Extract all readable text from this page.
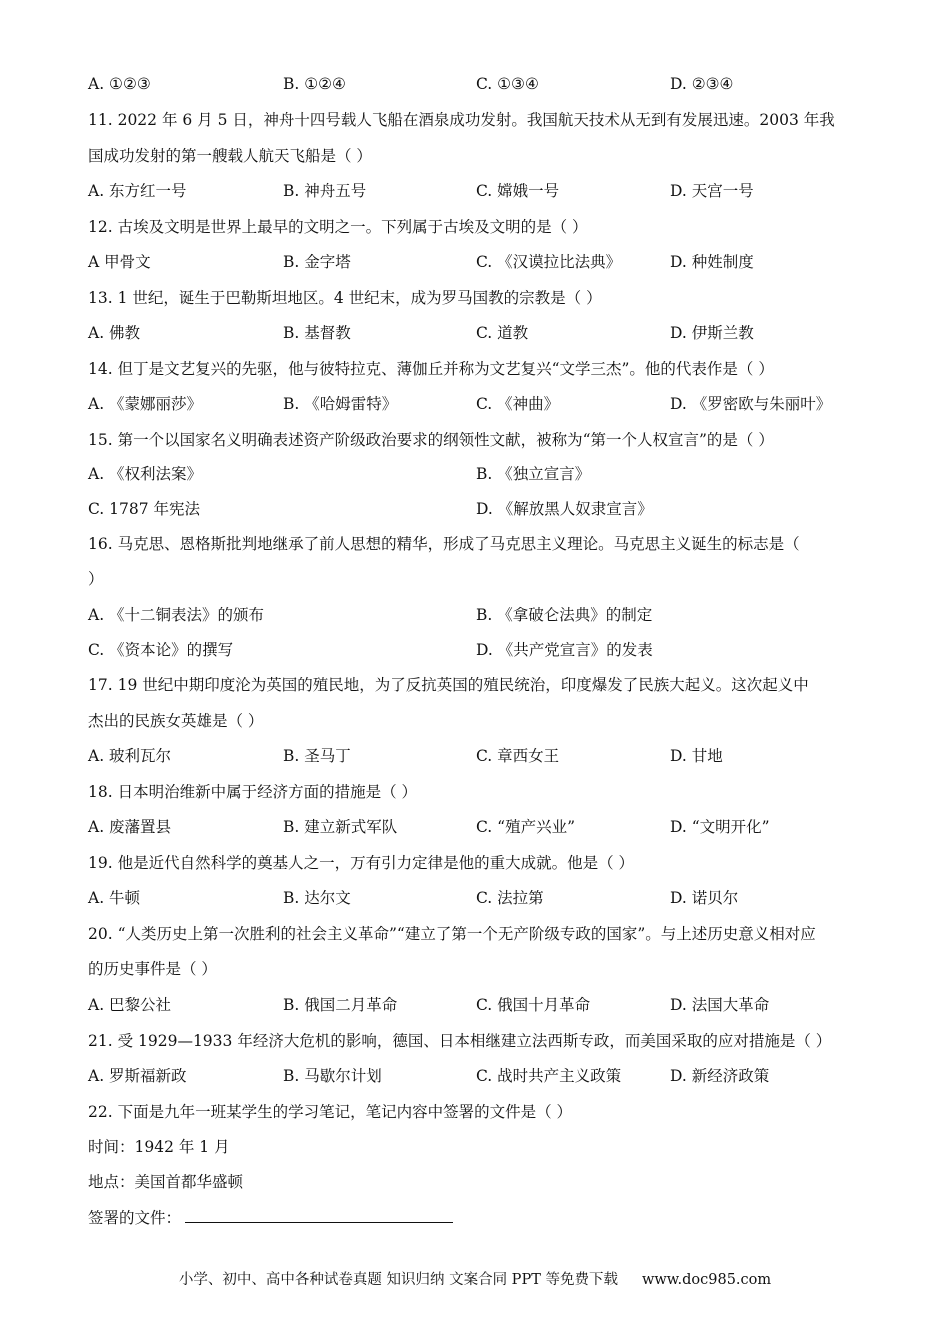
A. ①②③	B. ①②④	C. ①③④	D. ②③④
11. 2022 年 6 月 5 日，神舟十四号载人飞船在酒泉成功发射。我国航天技术从无到有发展迅速。2003 年我
国成功发射的第一艘载人航天飞船是（ ）
A. 东方红一号	B. 神舟五号	C. 嫦娥一号	D. 天宫一号
12. 古埃及文明是世界上最早的文明之一。下列属于古埃及文明的是（ ）
A 甲骨文	B. 金字塔	C. 《汉谟拉比法典》	D. 种姓制度
13. 1 世纪，诞生于巴勒斯坦地区。4 世纪末，成为罗马国教的宗教是（ ）
A. 佛教	B. 基督教	C. 道教	D. 伊斯兰教
14. 但丁是文艺复兴的先驱，他与彼特拉克、薄伽丘并称为文艺复兴“文学三杰”。他的代表作是（ ）
A. 《蒙娜丽莎》	B. 《哈姆雷特》	C. 《神曲》	D. 《罗密欧与朱丽叶》
15. 第一个以国家名义明确表述资产阶级政治要求的纲领性文献，被称为“第一个人权宣言”的是（ ）
A. 《权利法案》	B. 《独立宣言》
C. 1787 年宪法	D. 《解放黑人奴隶宣言》
16. 马克思、恩格斯批判地继承了前人思想的精华，形成了马克思主义理论。马克思主义诞生的标志是（
）
A. 《十二铜表法》的颁布	B. 《拿破仑法典》的制定
C. 《资本论》的撰写	D. 《共产党宣言》的发表
17. 19 世纪中期印度沦为英国的殖民地，为了反抗英国的殖民统治，印度爆发了民族大起义。这次起义中
杰出的民族女英雄是（ ）
A. 玻利瓦尔	B. 圣马丁	C. 章西女王	D. 甘地
18. 日本明治维新中属于经济方面的措施是（ ）
A. 废藩置县	B. 建立新式军队	C. “殖产兴业”	D. “文明开化”
19. 他是近代自然科学的奠基人之一，万有引力定律是他的重大成就。他是（ ）
A. 牛顿	B. 达尔文	C. 法拉第	D. 诺贝尔
20. “人类历史上第一次胜利的社会主义革命”“建立了第一个无产阶级专政的国家”。与上述历史意义相对应
的历史事件是（ ）
A. 巴黎公社	B. 俄国二月革命	C. 俄国十月革命	D. 法国大革命
21. 受 1929—1933 年经济大危机的影响，德国、日本相继建立法西斯专政，而美国采取的应对措施是（ ）
A. 罗斯福新政	B. 马歇尔计划	C. 战时共产主义政策	D. 新经济政策
22. 下面是九年一班某学生的学习笔记，笔记内容中签署的文件是（ ）
时间：1942 年 1 月
地点：美国首都华盛顿
签署的文件：
小学、初中、高中各种试卷真题 知识归纳 文案合同 PPT 等免费下载 www.doc985.com
